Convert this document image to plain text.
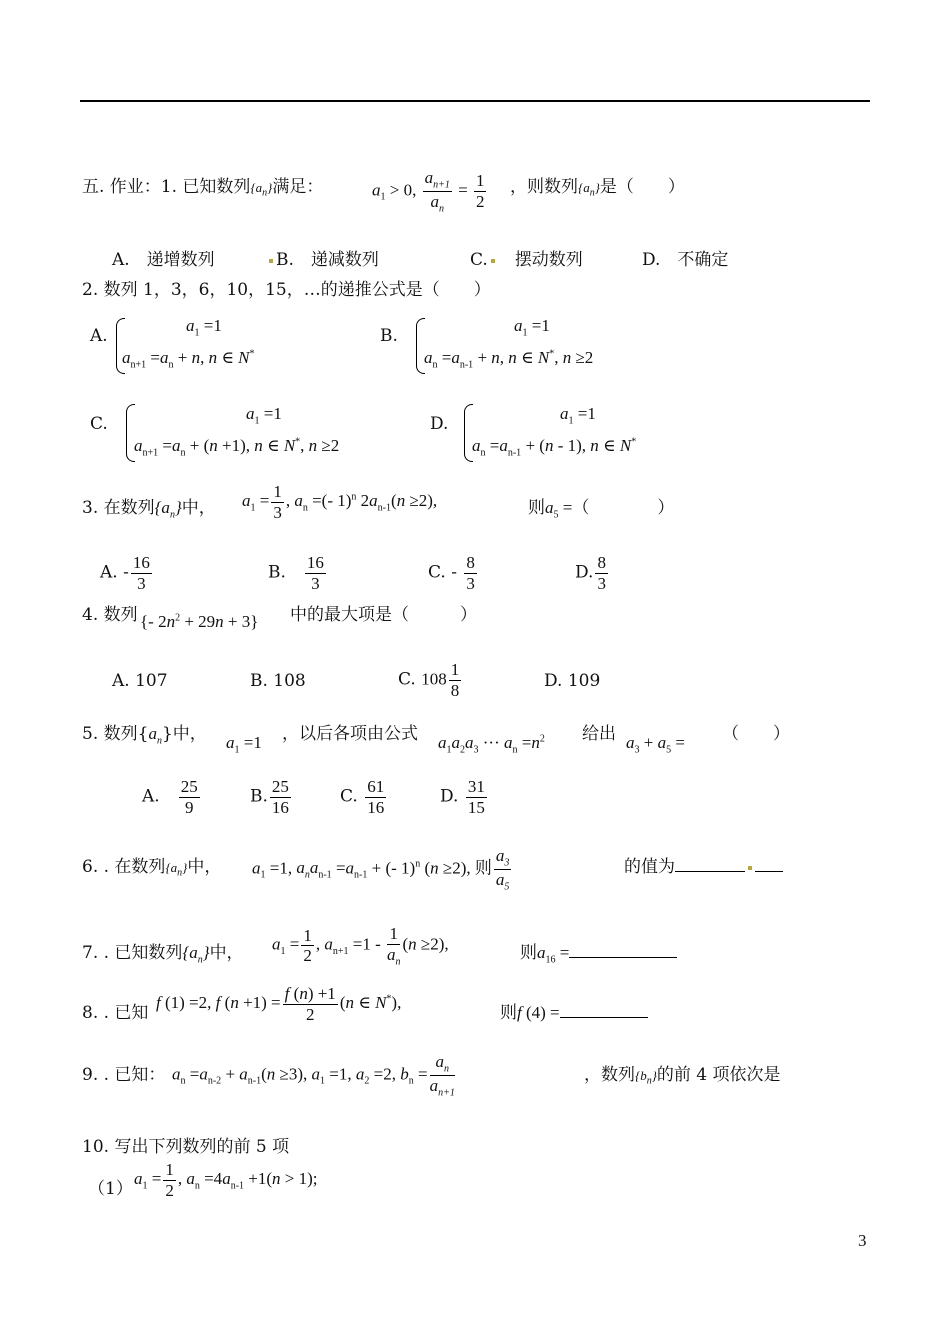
五. 作业：1. 已知数列$\{a_n\}$满足：	$a_1 > 0$, $\frac{a_{n+1}}{a_n} = \frac{1}{2}$ ，则数列$\{a_n\}$是（　　）
A.　递增数列	B.　递减数列	C.　 摆动数列	D.　不确定
2. 数列 1，3，6，10，15，…的递推公式是（　　）
A.
$a_1 =1$
$a_{n+1} =a_n + n$, n ∈ N*
B.
$a_1 =1$
$a_n =a_{n-1} + n$, n ∈ N*, n ≥2
C.
$a_1 =1$
$a_{n+1} =a_n + (n +1)$, n ∈ N*, n ≥2
D.
$a_1 =1$
$a_n =a_{n-1} + (n - 1)$, n ∈ N*
3. 在数列$\{a_n\}$中， $a_1 = \frac{1}{3}$ , $a_n$ =(- 1)$^n$ $2a_{n-1}(n \ge 2)$,	则$a_5$ =（　　　　）
A. - $\frac{16}{3}$	B.　 $\frac{16}{3}$	C. - $\frac{8}{3}$	D. $\frac{8}{3}$
4. 数列 {- $2n^2 + 29n + 3$} 中的最大项是（　　　）
A. 107	B. 108	C. $108 \frac{1}{8}$	D. 109
5. 数列$\{a_n\}$中， $a_1 =1$ ，以后各项由公式 $a_1a_2a_3$ ··· $a_n =n^2$ 给出 $a_3 + a_5$ = （　　）
A.　 $\frac{25}{9}$	B. $\frac{25}{16}$	C. $\frac{61}{16}$	D. $\frac{31}{15}$
6. . 在数列$\{a_n\}$中， $a_1 =1$, $a_na_{n-1} =a_{n-1}$ + (- 1)$^n$ (n ≥2), 则 $\frac{a_3}{a_5}$	的值为
7. . 已知数列$\{a_n\}$中， $a_1 = \frac{1}{2}$ , $a_{n+1} =1 - \frac{1}{a_n} (n \ge 2)$,	则$a_{16}$ =
8. . 已知
f (1) =2, f $(n +1) = \frac{f (n) +1}{2} (n$ ∈ N*),
则f (4) =
9. . 已知： $a_n =a_{n-2} + a_{n-1}(n \ge 3)$, $a_1 =1$, $a_2 =2$, $b_n = \frac{a_n}{a_{n+1}}$	，数列$\{b_n\}$的前 4 项依次是
10. 写出下列数列的前 5 项
（1）
$a_1 = \frac{1}{2}$ , $a_n =4a_{n-1} +1(n > 1)$;
3
